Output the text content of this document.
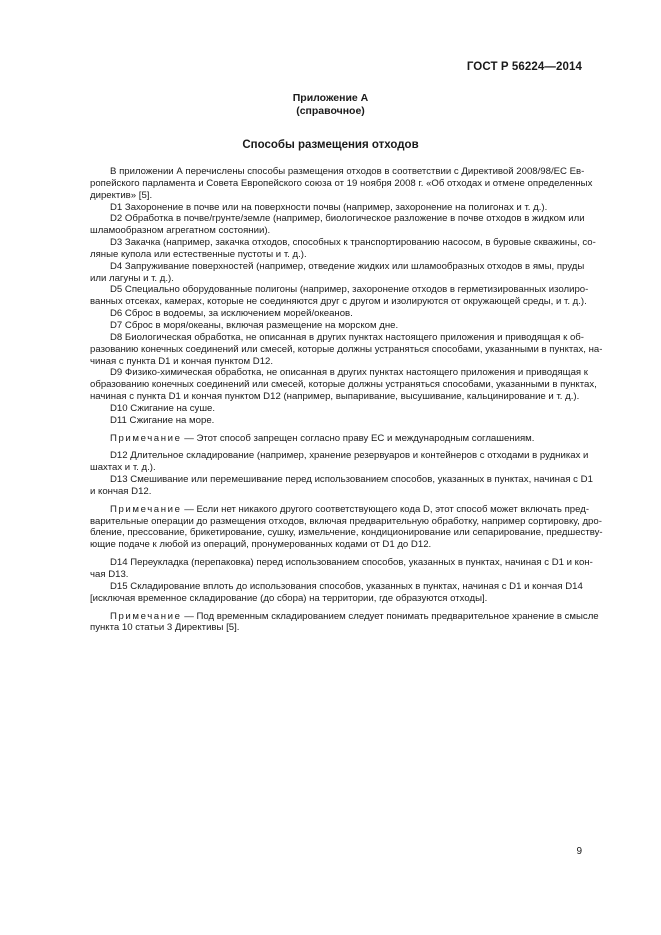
ГОСТ Р 56224—2014
Приложение А
(справочное)
Способы размещения отходов
В приложении А перечислены способы размещения отходов в соответствии с Директивой 2008/98/ЕС Ев-
ропейского парламента и Совета Европейского союза от 19 ноября 2008 г. «Об отходах и отмене определенных
директив» [5].
D1 Захоронение в почве или на поверхности почвы (например, захоронение на полигонах и т. д.).
D2 Обработка в почве/грунте/земле (например, биологическое разложение в почве отходов в жидком или
шламообразном агрегатном состоянии).
D3 Закачка (например, закачка отходов, способных к транспортированию насосом, в буровые скважины, со-
ляные купола или естественные пустоты и т. д.).
D4 Запруживание поверхностей (например, отведение жидких или шламообразных отходов в ямы, пруды
или лагуны и т. д.).
D5 Специально оборудованные полигоны (например, захоронение отходов в герметизированных изолиро-
ванных отсеках, камерах, которые не соединяются друг с другом и изолируются от окружающей среды, и т. д.).
D6 Сброс в водоемы, за исключением морей/океанов.
D7 Сброс в моря/океаны, включая размещение на морском дне.
D8 Биологическая обработка, не описанная в других пунктах настоящего приложения и приводящая к об-
разованию конечных соединений или смесей, которые должны устраняться способами, указанными в пунктах, на-
чиная с пункта D1 и кончая пунктом D12.
D9 Физико-химическая обработка, не описанная в других пунктах настоящего приложения и приводящая к
образованию конечных соединений или смесей, которые должны устраняться способами, указанными в пунктах,
начиная с пункта D1 и кончая пунктом D12 (например, выпаривание, высушивание, кальцинирование и т. д.).
D10 Сжигание на суше.
D11 Сжигание на море.
Примечание — Этот способ запрещен согласно праву ЕС и международным соглашениям.
D12 Длительное складирование (например, хранение резервуаров и контейнеров с отходами в рудниках и
шахтах и т. д.).
D13 Смешивание или перемешивание перед использованием способов, указанных в пунктах, начиная с D1
и кончая D12.
Примечание — Если нет никакого другого соответствующего кода D, этот способ может включать пред-
варительные операции до размещения отходов, включая предварительную обработку, например сортировку, дро-
бление, прессование, брикетирование, сушку, измельчение, кондиционирование или сепарирование, предшеству-
ющие подаче к любой из операций, пронумерованных кодами от D1 до D12.
D14 Переукладка (перепаковка) перед использованием способов, указанных в пунктах, начиная с D1 и кон-
чая D13.
D15 Складирование вплоть до использования способов, указанных в пунктах, начиная с D1 и кончая D14
[исключая временное складирование (до сбора) на территории, где образуются отходы].
Примечание — Под временным складированием следует понимать предварительное хранение в смысле
пункта 10 статьи 3 Директивы [5].
9
